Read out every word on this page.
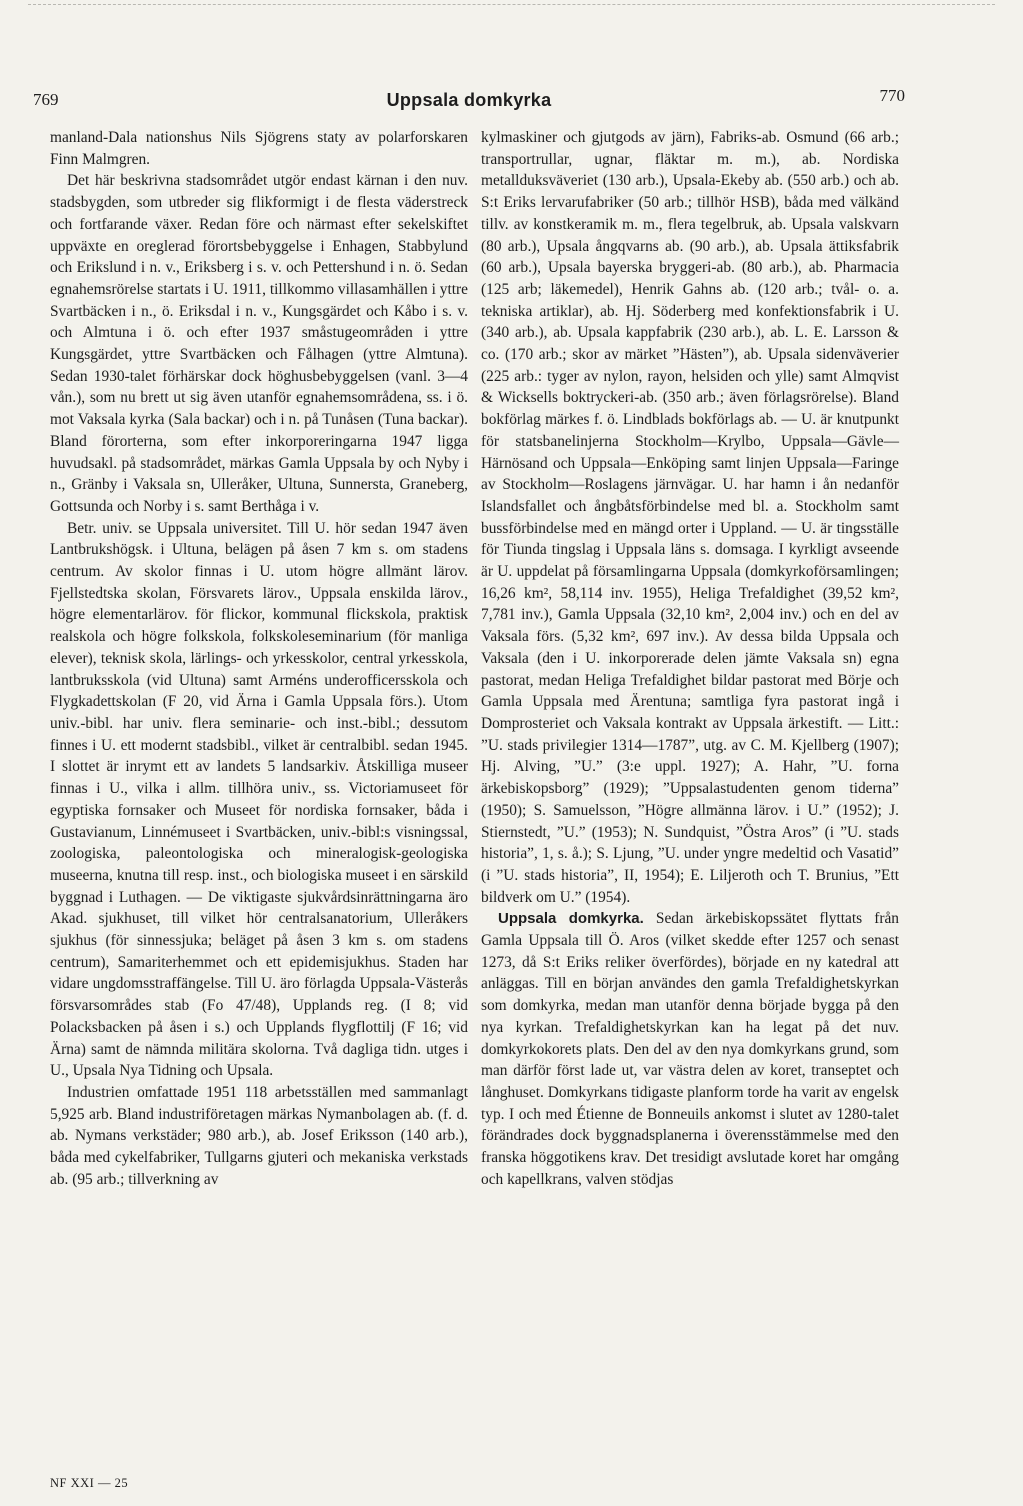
769	Uppsala domkyrka	770

manland-Dala nationshus Nils Sjögrens staty av polarforskaren Finn Malmgren.

Det här beskrivna stadsområdet utgör endast kärnan i den nuv. stadsbygden, som utbreder sig flikformigt i de flesta väderstreck och fortfarande växer. Redan före och närmast efter sekelskiftet uppväxte en oreglerad förortsbebyggelse i Enhagen, Stabbylund och Erikslund i n. v., Eriksberg i s. v. och Pettershund i n. ö. Sedan egnahemsrörelse startats i U. 1911, tillkommo villasamhällen i yttre Svartbäcken i n., ö. Eriksdal i n. v., Kungsgärdet och Kåbo i s. v. och Almtuna i ö. och efter 1937 småstugeområden i yttre Kungsgärdet, yttre Svartbäcken och Fålhagen (yttre Almtuna). Sedan 1930-talet förhärskar dock höghusbebyggelsen (vanl. 3—4 vån.), som nu brett ut sig även utanför egnahemsområdena, ss. i ö. mot Vaksala kyrka (Sala backar) och i n. på Tunåsen (Tuna backar). Bland förorterna, som efter inkorporeringarna 1947 ligga huvudsakl. på stadsområdet, märkas Gamla Uppsala by och Nyby i n., Gränby i Vaksala sn, Ulleråker, Ultuna, Sunnersta, Graneberg, Gottsunda och Norby i s. samt Berthåga i v.

Betr. univ. se Uppsala universitet. Till U. hör sedan 1947 även Lantbrukshögsk. i Ultuna, belägen på åsen 7 km s. om stadens centrum. Av skolor finnas i U. utom högre allmänt lärov. Fjellstedtska skolan, Försvarets lärov., Uppsala enskilda lärov., högre elementarlärov. för flickor, kommunal flickskola, praktisk realskola och högre folkskola, folkskoleseminarium (för manliga elever), teknisk skola, lärlings- och yrkesskolor, central yrkesskola, lantbruksskola (vid Ultuna) samt Arméns underofficersskola och Flygkadettskolan (F 20, vid Ärna i Gamla Uppsala förs.). Utom univ.-bibl. har univ. flera seminarie- och inst.-bibl.; dessutom finnes i U. ett modernt stadsbibl., vilket är centralbibl. sedan 1945. I slottet är inrymt ett av landets 5 landsarkiv. Åtskilliga museer finnas i U., vilka i allm. tillhöra univ., ss. Victoriamuseet för egyptiska fornsaker och Museet för nordiska fornsaker, båda i Gustavianum, Linnémuseet i Svartbäcken, univ.-bibl:s visningssal, zoologiska, paleontologiska och mineralogisk-geologiska museerna, knutna till resp. inst., och biologiska museet i en särskild byggnad i Luthagen. — De viktigaste sjukvårdsinrättningarna äro Akad. sjukhuset, till vilket hör centralsanatorium, Ulleråkers sjukhus (för sinnessjuka; beläget på åsen 3 km s. om stadens centrum), Samariterhemmet och ett epidemisjukhus. Staden har vidare ungdomsstraffängelse. Till U. äro förlagda Uppsala-Västerås försvarsområdes stab (Fo 47/48), Upplands reg. (I 8; vid Polacksbacken på åsen i s.) och Upplands flygflottilj (F 16; vid Ärna) samt de nämnda militära skolorna. Två dagliga tidn. utges i U., Upsala Nya Tidning och Upsala.

Industrien omfattade 1951 118 arbetsställen med sammanlagt 5,925 arb. Bland industriföretagen märkas Nymanbolagen ab. (f. d. ab. Nymans verkstäder; 980 arb.), ab. Josef Eriksson (140 arb.), båda med cykelfabriker, Tullgarns gjuteri och mekaniska verkstads ab. (95 arb.; tillverkning av

kylmaskiner och gjutgods av järn), Fabriks-ab. Osmund (66 arb.; transportrullar, ugnar, fläktar m. m.), ab. Nordiska metallduksväveriet (130 arb.), Upsala-Ekeby ab. (550 arb.) och ab. S:t Eriks lervarufabriker (50 arb.; tillhör HSB), båda med välkänd tillv. av konstkeramik m. m., flera tegelbruk, ab. Upsala valskvarn (80 arb.), Upsala ångqvarns ab. (90 arb.), ab. Upsala ättiksfabrik (60 arb.), Upsala bayerska bryggeri-ab. (80 arb.), ab. Pharmacia (125 arb; läkemedel), Henrik Gahns ab. (120 arb.; tvål- o. a. tekniska artiklar), ab. Hj. Söderberg med konfektionsfabrik i U. (340 arb.), ab. Upsala kappfabrik (230 arb.), ab. L. E. Larsson & co. (170 arb.; skor av märket ”Hästen”), ab. Upsala sidenväverier (225 arb.: tyger av nylon, rayon, helsiden och ylle) samt Almqvist & Wicksells boktryckeri-ab. (350 arb.; även förlagsrörelse). Bland bokförlag märkes f. ö. Lindblads bokförlags ab. — U. är knutpunkt för statsbanelinjerna Stockholm—Krylbo, Uppsala—Gävle—Härnösand och Uppsala—Enköping samt linjen Uppsala—Faringe av Stockholm—Roslagens järnvägar. U. har hamn i ån nedanför Islandsfallet och ångbåtsförbindelse med bl. a. Stockholm samt bussförbindelse med en mängd orter i Uppland. — U. är tingsställe för Tiunda tingslag i Uppsala läns s. domsaga. I kyrkligt avseende är U. uppdelat på församlingarna Uppsala (domkyrkoförsamlingen; 16,26 km², 58,114 inv. 1955), Heliga Trefaldighet (39,52 km², 7,781 inv.), Gamla Uppsala (32,10 km², 2,004 inv.) och en del av Vaksala förs. (5,32 km², 697 inv.). Av dessa bilda Uppsala och Vaksala (den i U. inkorporerade delen jämte Vaksala sn) egna pastorat, medan Heliga Trefaldighet bildar pastorat med Börje och Gamla Uppsala med Ärentuna; samtliga fyra pastorat ingå i Domprosteriet och Vaksala kontrakt av Uppsala ärkestift. — Litt.: ”U. stads privilegier 1314—1787”, utg. av C. M. Kjellberg (1907); Hj. Alving, ”U.” (3:e uppl. 1927); A. Hahr, ”U. forna ärkebiskopsborg” (1929); ”Uppsalastudenten genom tiderna” (1950); S. Samuelsson, ”Högre allmänna lärov. i U.” (1952); J. Stiernstedt, ”U.” (1953); N. Sundquist, ”Östra Aros” (i ”U. stads historia”, 1, s. å.); S. Ljung, ”U. under yngre medeltid och Vasatid” (i ”U. stads historia”, II, 1954); E. Liljeroth och T. Brunius, ”Ett bildverk om U.” (1954).

Uppsala domkyrka. Sedan ärkebiskopssätet flyttats från Gamla Uppsala till Ö. Aros (vilket skedde efter 1257 och senast 1273, då S:t Eriks reliker överfördes), började en ny katedral att anläggas. Till en början användes den gamla Trefaldighetskyrkan som domkyrka, medan man utanför denna började bygga på den nya kyrkan. Trefaldighetskyrkan kan ha legat på det nuv. domkyrkokorets plats. Den del av den nya domkyrkans grund, som man därför först lade ut, var västra delen av koret, transeptet och långhuset. Domkyrkans tidigaste planform torde ha varit av engelsk typ. I och med Étienne de Bonneuils ankomst i slutet av 1280-talet förändrades dock byggnadsplanerna i överensstämmelse med den franska höggotikens krav. Det tresidigt avslutade koret har omgång och kapellkrans, valven stödjas

NF XXI — 25
